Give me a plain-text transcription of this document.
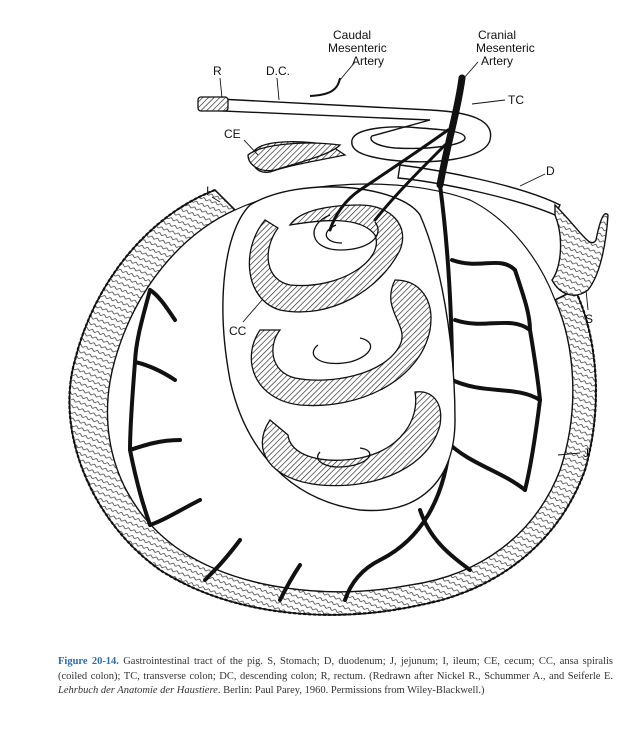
R	D.C.
Caudal
Mesenteric
Artery
Cranial
Mesenteric
Artery
TC
CE
D
I
S
CC
J
Figure 20-14. Gastrointestinal tract of the pig. S, Stomach; D, duodenum; J, jejunum; I, ileum; CE, cecum; CC, ansa spiralis (coiled colon); TC, transverse colon; DC, descending colon; R, rectum. (Redrawn after Nickel R., Schummer A., and Seiferle E. Lehrbuch der Anatomie der Haustiere. Berlin: Paul Parey, 1960. Permissions from Wiley-Blackwell.)
